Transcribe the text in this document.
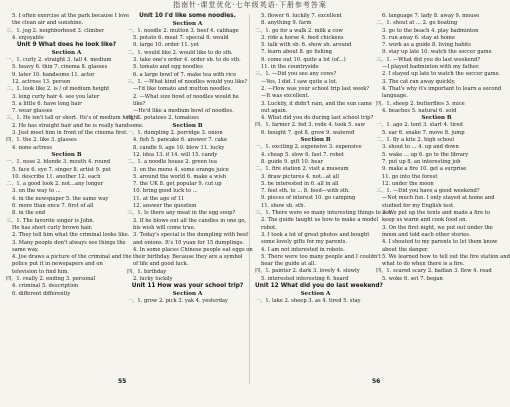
指南针·课堂优化·七年级英语·下册参考答案
5. I often exercise at the park because I love
the clean air and sunshine.
三、1. jog 2. neighborhood 3. climber
4. enjoyable
Unit 9 What does he look like?
Section A
一、1. curly 2. straight 3. tall 4. medium
5. heavy 6. thin 7. cinema 8. glasses
9. later 10. handsome 11. actor
12. actress 13. person
二、1. look like 2. is / of medium height
3. long curly hair 4. see you later
5. a little 6. have long hair
7. wear glasses
三、1. He isn't tall or short. He's of medium height.
2. He has straight hair and he is really handsome.
3. Just meet him in front of the cinema first.
四、1. the 2. like 3. glasses
4. none actress
Section B
一、1. nose 2. blonde 3. mouth 4. round
5. face 6. eye 7. singer 8. artist 9. put
10. describe 11. another 12. each
二、1. a good look 2. not...any longer
3. on the way to ...
4. in the newspaper 5. the same way
6. more than once 7. first of all
8. in the end
三、1. The favorite singer is John.
He has short curly brown hair.
2. They tell him what the criminal looks like.
3. Many people don't always see things the
same way.
4. Joe draws a picture of the criminal and the
police put it in newspapers and on
television to find him.
四、1. really 2. ending 3. personal
4. criminal 5. description
6. different differently
Unit 10 I'd like some noodles.
Section A
一、1. noodle 2. mutton 3. beef 4. cabbage
5. potato 6. meat 7. special 8. would
9. large 10. order 11. yet
二、1. would like 2. would like to do sth.
3. take one's order 4. order sb. to do sth.
5. tomato and egg noodles
6. a large bowl of 7. make tea with rice
三、1. —What kind of noodles would you like?
—I'd like tomato and mutton noodles.
2. —What size bowl of noodles would he
like?
—He'd like a medium bowl of noodles.
四、1. potatoes 2. tomatoes
Section B
一、1. dumpling 2. porridge 3. onion
4. fish 5. pancake 6. answer 7. cake
8. candle 9. age 10. blow 11. lucky
12. idea 13. if 14. will 15. candy
二、1. a noodle house 2. green tea
3. on the menu 4. some orange juice
5. around the world 6. make a wish
7. the UK 8. get popular 9. cut up
10. bring good luck to ...
11. at the age of 11
12. answer the question
三、1. Is there any meat in the egg soup?
2. If he blows out all the candles in one go,
his wish will come true.
3. Today's special is the dumpling with beef
and onions. It's 10 yuan for 15 dumplings.
4. In some places Chinese people eat eggs on
their birthday. Because they are a symbol
of life and good luck.
四、1. birthday
2. lucky luckily
Unit 11 How was your school trip?
Section A
一、1. grow 2. pick 3. yak 4. yesterday
5. flower 6. luckily 7. excellent
8. anything 9. farm
二、1. go for a walk 2. milk a cow
3. ride a horse 4. feed chickens
5. talk with sb. 6. show sb. around
7. learn about 8. go fishing
9. come out 10. quite a lot (of...)
11. in the countryside
三、1. —Did you see any cows?
—Yes, I did. I saw quite a lot.
2. —How was your school trip last week?
—It was excellent.
3. Luckily, it didn't rain, and the sun came
out again.
4. What did you do during last school trip?
四、1. farmer 2. fed 3. rode 4. took 5. saw
6. bought 7. got 8. grew 9. watered
Section B
一、1. exciting 2. expensive 3. expensive
4. cheap 5. slow 6. fast 7. robot
8. guide 9. gift 10. hear
二、1. fire station 2. visit a museum
3. draw pictures 4. not...at all
5. be interested in 6. all in all
7. feel sth. to ... 8. feed—with sth.
9. pieces of interest 10. go camping
11. show sb. sth.
三、1. There were so many interesting things to see.
2. The guide taught us how to make a model
robot.
3. I took a lot of great photos and bought
some lovely gifts for my parents.
4. I am not interested in robots.
5. There were too many people and I couldn't
hear the guide at all.
四、1. painter 2. dark 3. lovely 4. slowly
5. interested interesting 6. heard
Unit 12 What did you do last weekend?
Section A
一、1. lake 2. sheep 3. as 4. tired 5. stay
6. language 7. lady 8. away 9. mouse
二、1. shout at ... 2. go boating
3. go to the beach 4. play badminton
5. run away 6. stay at home
7. work as a guide 8. living habits
9. stay up late 10. watch the soccer game
三、1. —What did you do last weekend?
—I played badminton with my father.
2. I stayed up late to watch the soccer game.
3. The cat ran away quickly.
4. That's why it's important to learn a second
language.
四、1. sheep 2. butterflies 3. mice
4. beaches 5. natural 6. sold
Section B
一、1. ago 2. tent 3. start 4. tired
5. ear 6. snake 7. move 8. jump
二、1. fly a kite 2. high school
3. shout to ... 4. up and down
5. wake ... up 6. go to the library
7. put up 8. an interesting job
9. make a fire 10. get a surprise
11. go into the forest
12. under the moon
三、1. —Did you have a good weekend?
—Not much fun. I only stayed at home and
studied for my English test.
2. We put up the tents and made a fire to
keep us warm and cook food on.
3. On the first night, we put out under the
moon and told each other stories.
4. I shouted to my parents to let them know
about the danger.
5. We learned how to tell out the fire station and
what to do when there is a fire.
四、1. scared scary 2. badian 3. flew 4. read
5. woke 6. set 7. began
55	56
